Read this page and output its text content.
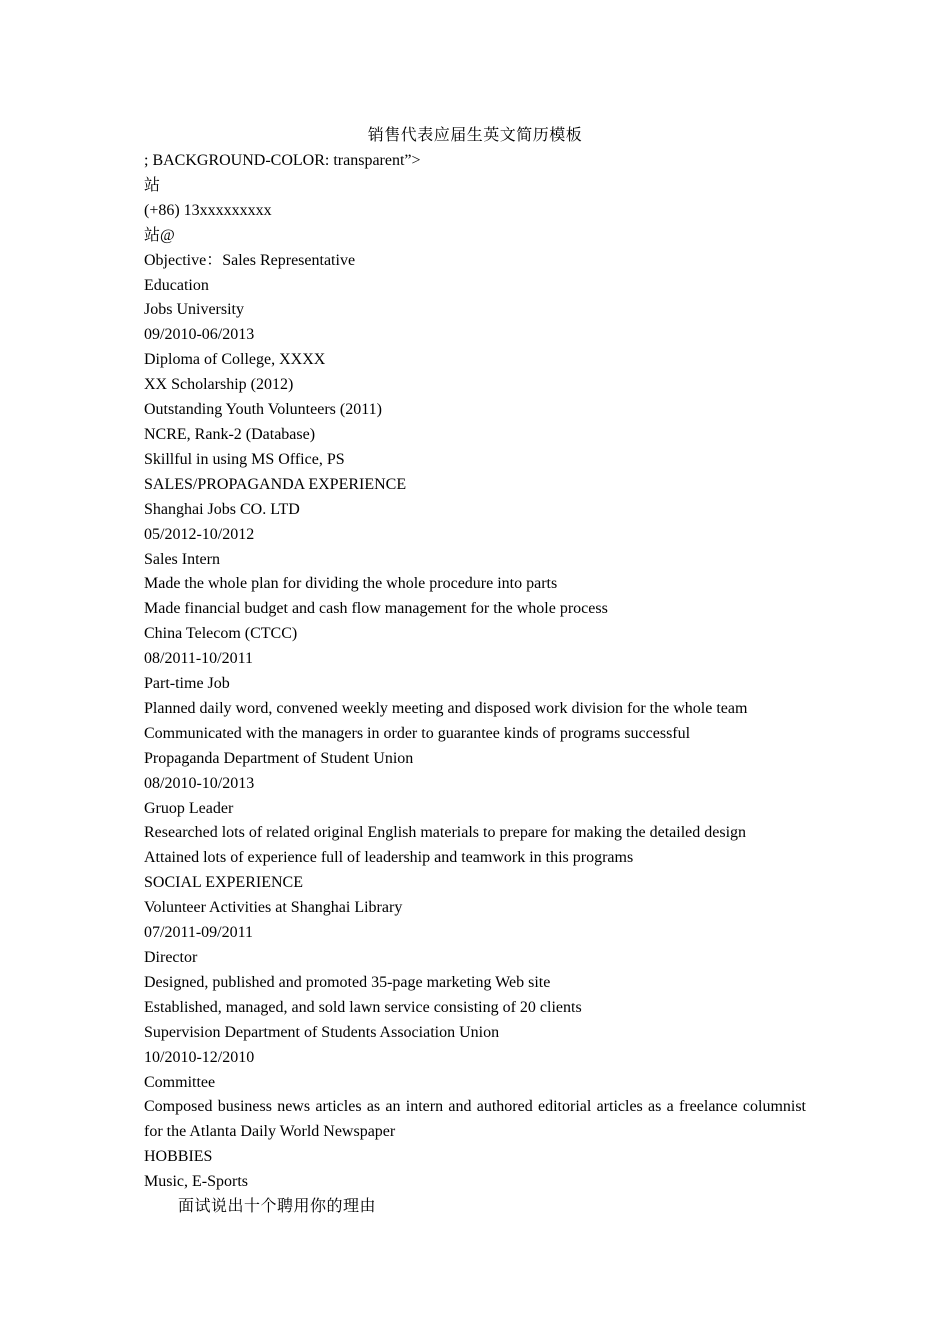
销售代表应届生英文简历模板

; BACKGROUND-COLOR: transparent”>

站

(+86) 13xxxxxxxxx

站@

Objective：Sales Representative

Education

Jobs University

09/2010-06/2013

Diploma of College, XXXX

XX Scholarship (2012)

Outstanding Youth Volunteers (2011)

NCRE, Rank-2 (Database)

Skillful in using MS Office, PS

SALES/PROPAGANDA EXPERIENCE

Shanghai Jobs CO. LTD

05/2012-10/2012

Sales Intern

Made the whole plan for dividing the whole procedure into parts

Made financial budget and cash flow management for the whole process

China Telecom (CTCC)

08/2011-10/2011

Part-time Job

Planned daily word, convened weekly meeting and disposed work division for the whole team

Communicated with the managers in order to guarantee kinds of programs successful

Propaganda Department of Student Union

08/2010-10/2013

Gruop Leader

Researched lots of related original English materials to prepare for making the detailed design

Attained lots of experience full of leadership and teamwork in this programs

SOCIAL EXPERIENCE

Volunteer Activities at Shanghai Library

07/2011-09/2011

Director

Designed, published and promoted 35-page marketing Web site

Established, managed, and sold lawn service consisting of 20 clients

Supervision Department of Students Association Union

10/2010-12/2010

Committee

Composed business news articles as an intern and authored editorial articles as a freelance columnist for the Atlanta Daily World Newspaper

HOBBIES

Music, E-Sports

面试说出十个聘用你的理由
